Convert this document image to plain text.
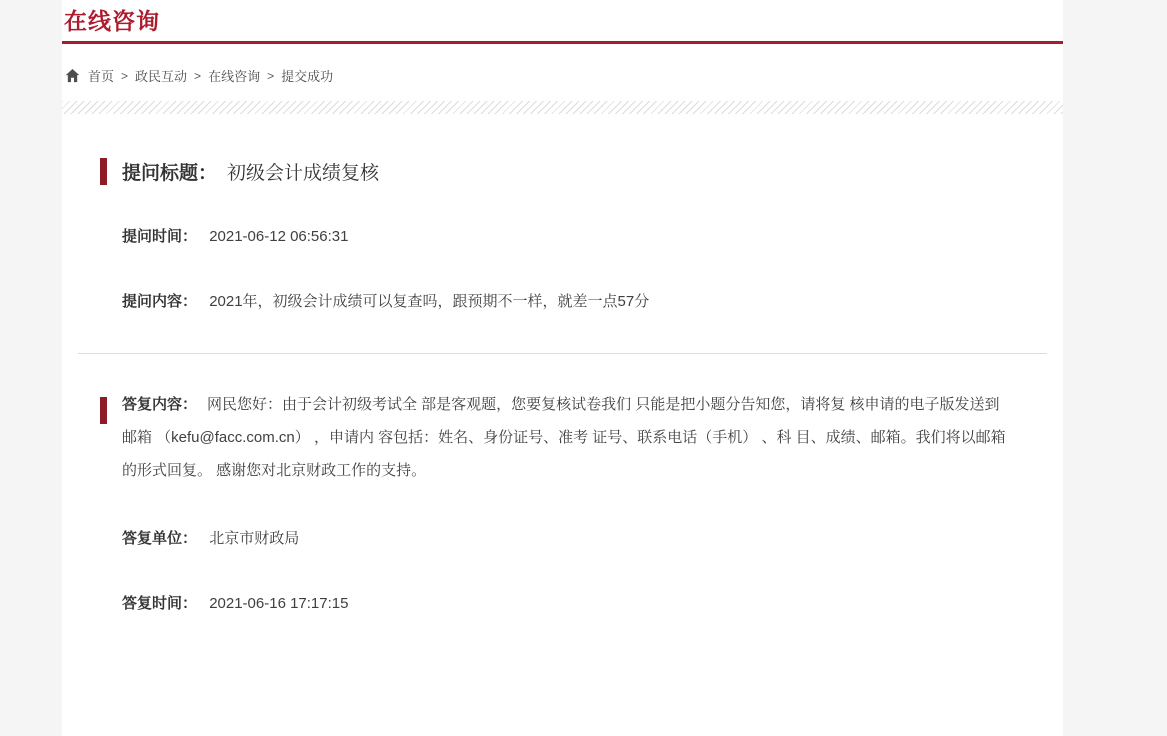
在线咨询
首页 > 政民互动 > 在线咨询 > 提交成功
提问标题： 初级会计成绩复核
提问时间： 2021-06-12 06:56:31
提问内容： 2021年，初级会计成绩可以复查吗，跟预期不一样，就差一点57分

答复内容： 网民您好：由于会计初级考试全 部是客观题，您要复核试卷我们 只能是把小题分告知您，请将复 核申请的电子版发送到邮箱 （kefu@facc.com.cn） ，申请内 容包括：姓名、身份证号、准考 证号、联系电话（手机） 、科 目、成绩、邮箱。我们将以邮箱 的形式回复。 感谢您对北京财政工作的支持。

答复单位： 北京市财政局
答复时间： 2021-06-16 17:17:15
